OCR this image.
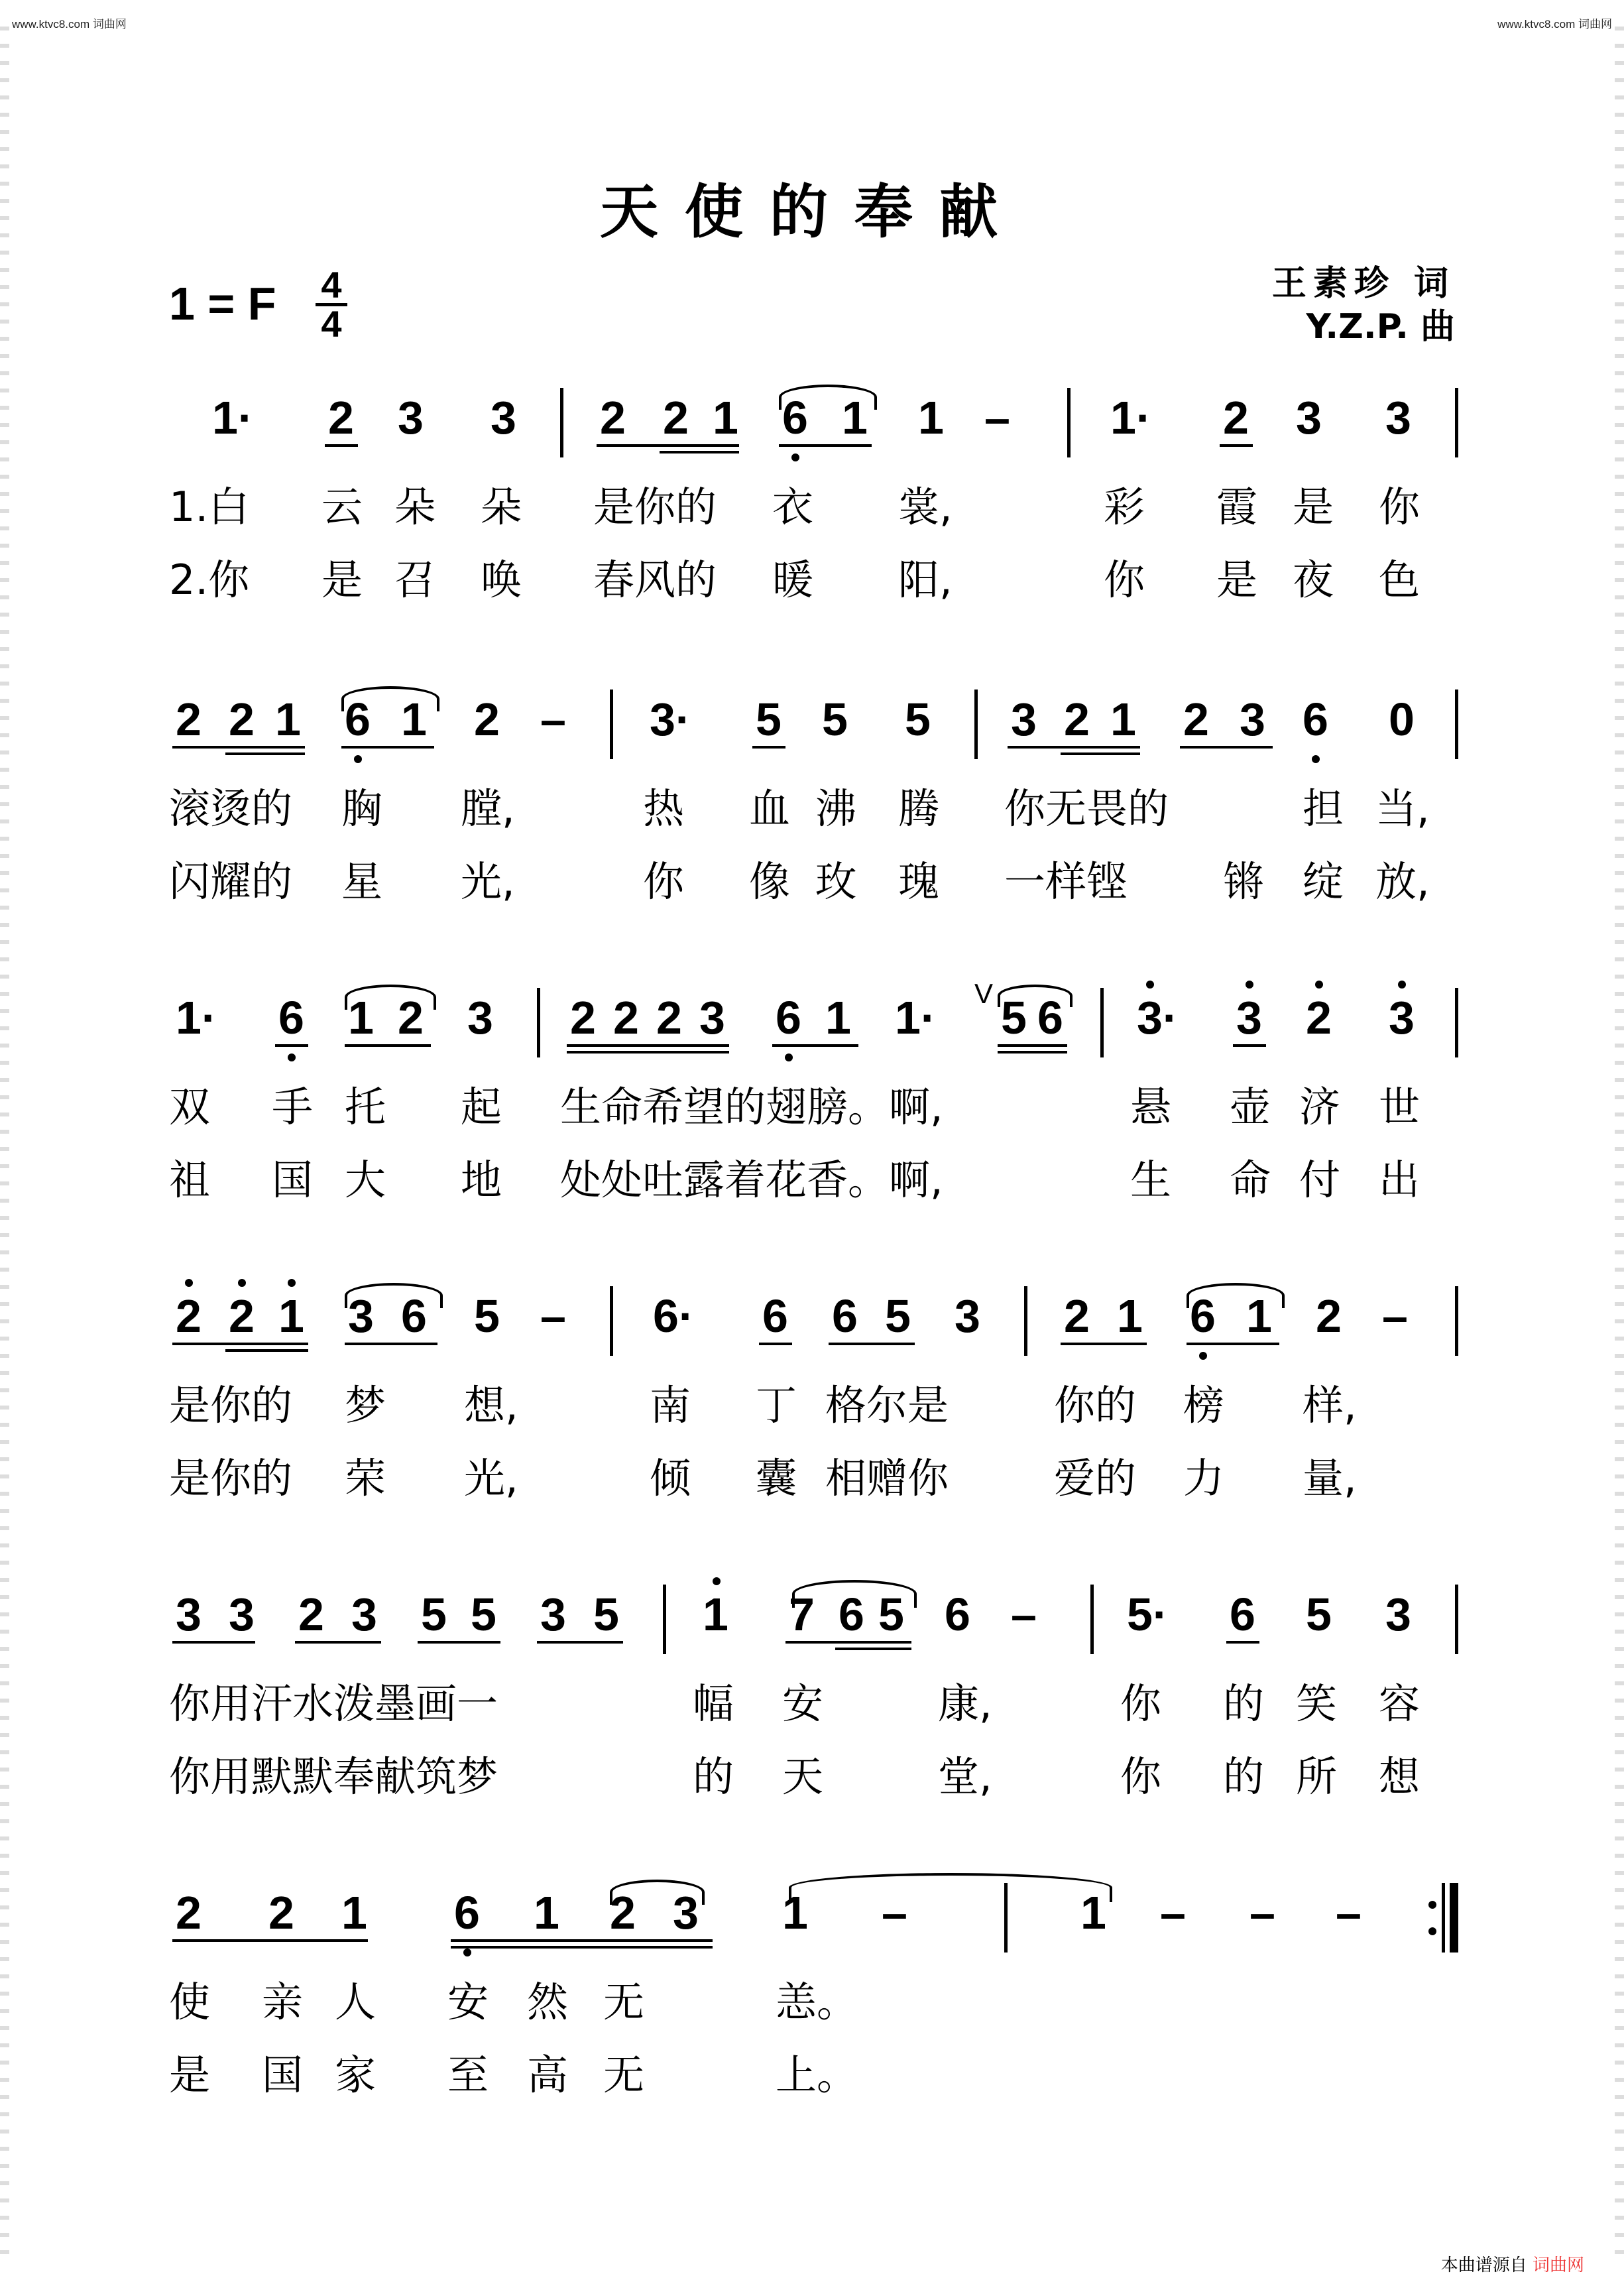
www.ktvc8.com 词曲网	www.ktvc8.com 词曲网
天使的奉献
1 = F 4
4
王素珍 词
Y.Z.P. 曲
1· 2 3 3 2 2 1 6 1 1 – 1· 2 3 3
1.白 云 朵 朵 是你的 衣 裳,	彩 霞 是 你
2.你 是 召 唤 春风的 暖 阳,	你 是 夜 色
2 2 1 6 1 2 – 3· 5 5 5 3 2 1 2 3 6 0
滚烫的 胸 膛,	热 血 沸 腾 你无畏的	担 当,
闪耀的 星 光,	你 像 玫 瑰 一样铿 锵 绽 放,
1· 6 1 2 3 2 2 2 3 6 1 1· V 5 6 3· 3 2 3
双 手 托 起 生命希望的翅膀。啊,	悬 壶 济 世
祖 国 大 地 处处吐露着花香。啊,	生 命 付 出
2 2 1 3 6 5 – 6· 6 6 5 3 2 1 6 1 2 –
是你的 梦 想,	南 丁 格尔是	你的 榜 样,
是你的 荣 光,	倾 囊 相赠你	爱的 力 量,
3 3 2 3 5 5 3 5 1 7 6 5 6 – 5· 6 5 3
你用汗水泼墨画一	幅 安	康,	你 的 笑 容
你用默默奉献筑梦	的 天	堂,	你 的 所 想
2 2 1 6 1 2 3 1 –	1 – – –
使 亲 人 安 然 无	恙。
是 国 家 至 高 无	上。
本曲谱源自 词曲网
